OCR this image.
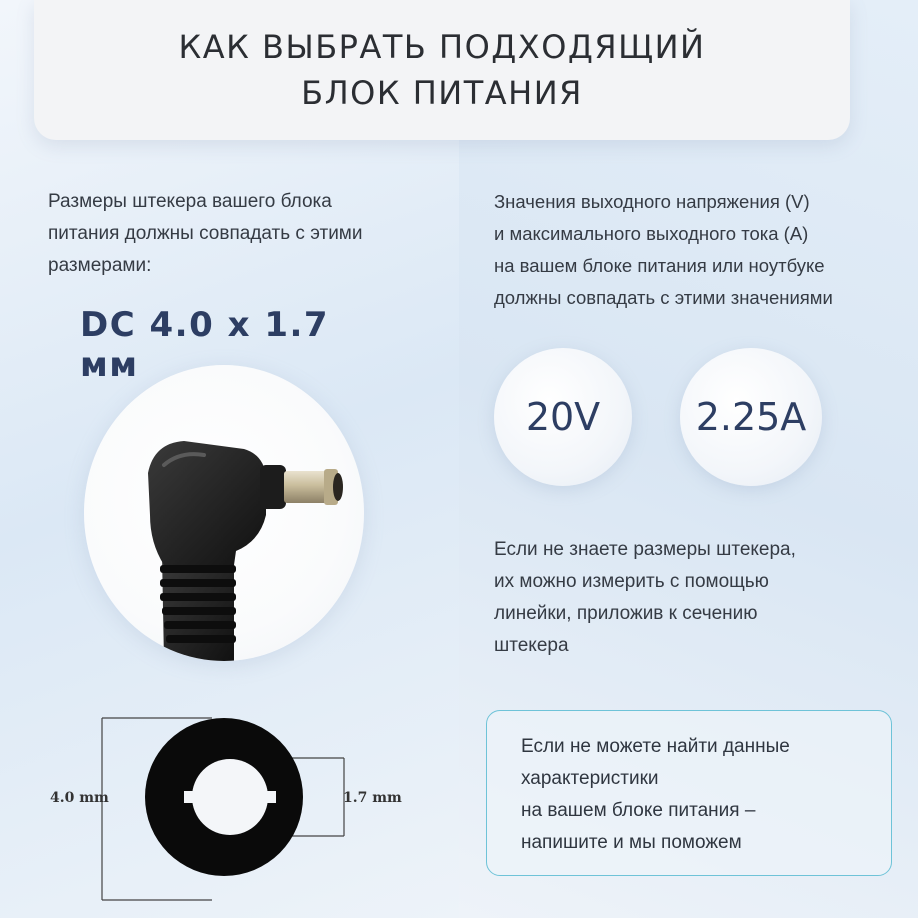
КАК ВЫБРАТЬ ПОДХОДЯЩИЙ
БЛОК ПИТАНИЯ
Размеры штекера вашего блока
питания должны совпадать с этими
размерами:
DC 4.0 x 1.7 мм
4.0 mm	1.7 mm
Значения выходного напряжения (V)
и максимального выходного тока (A)
на вашем блоке питания или ноутбуке
должны совпадать с этими значениями
20V	2.25A
Если не знаете размеры штекера,
их можно измерить с помощью
линейки, приложив к сечению
штекера
Если не можете найти данные
характеристики
на вашем блоке питания –
напишите и мы поможем
